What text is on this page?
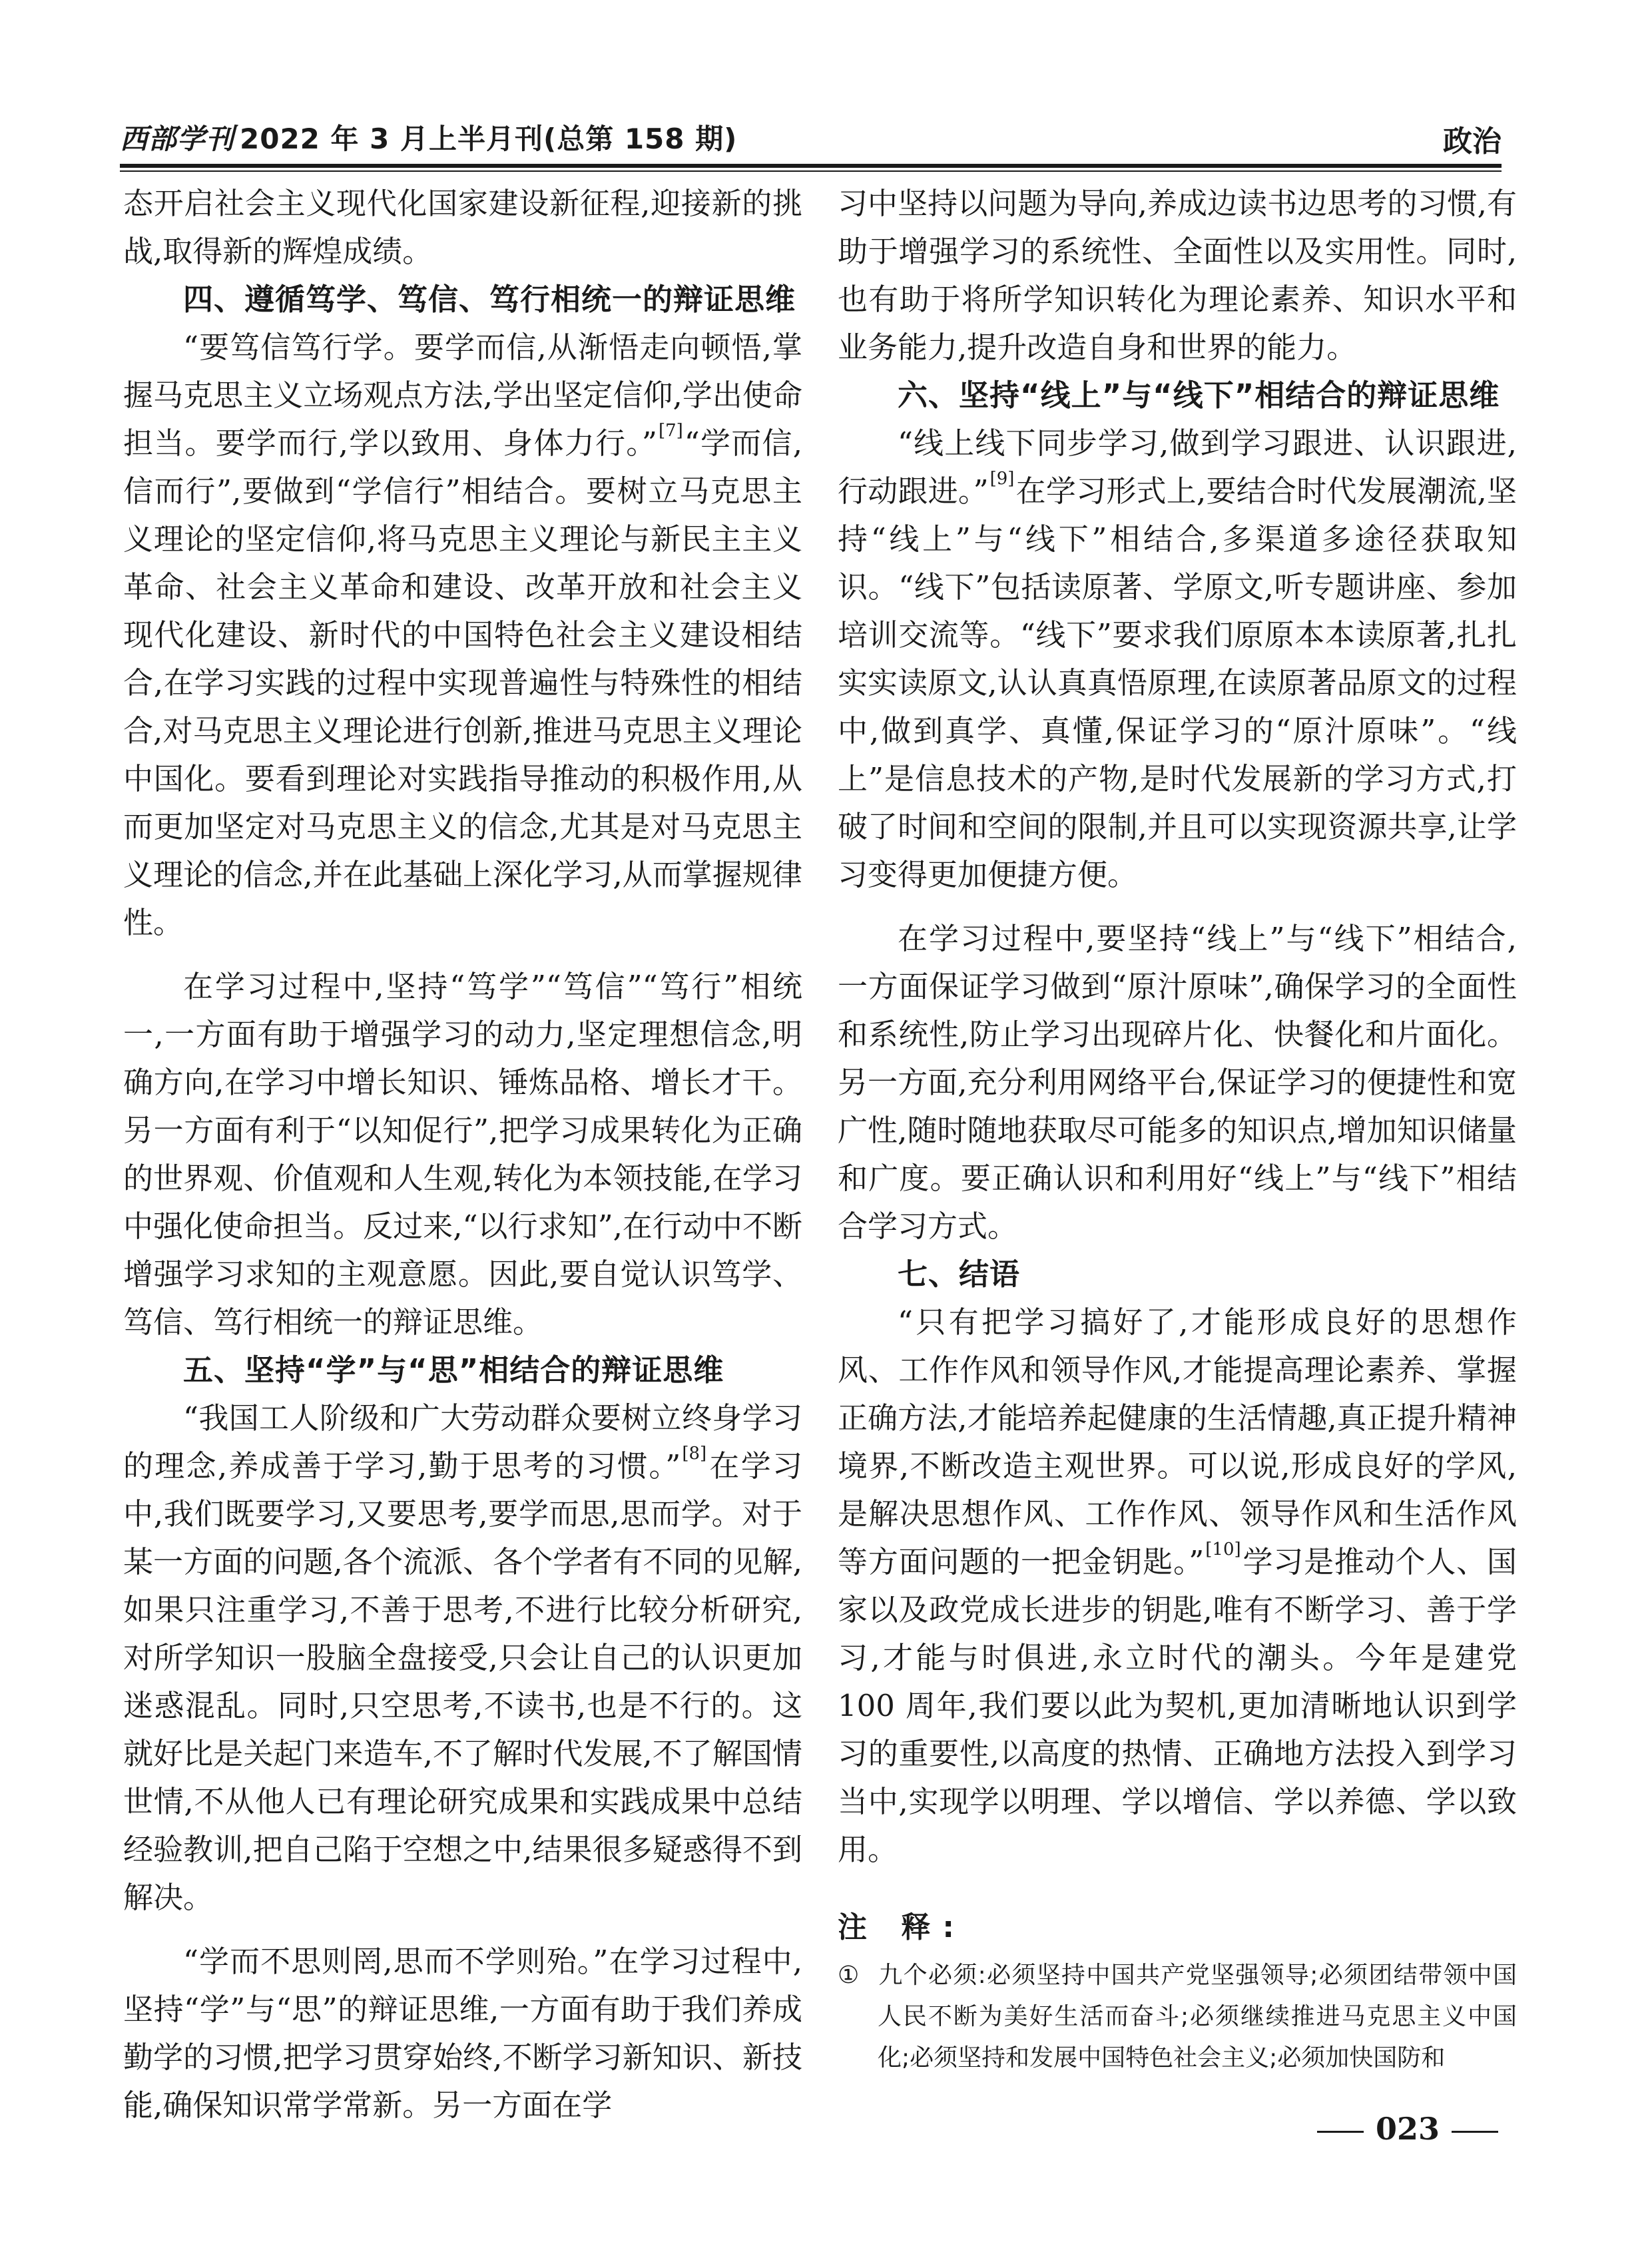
西部学刊 2022 年 3 月上半月刊(总第 158 期)	政治

态开启社会主义现代化国家建设新征程,迎接新的挑战,取得新的辉煌成绩。

四、遵循笃学、笃信、笃行相统一的辩证思维

“要笃信笃行学。要学而信,从渐悟走向顿悟,掌握马克思主义立场观点方法,学出坚定信仰,学出使命担当。要学而行,学以致用、身体力行。”[7]“学而信,信而行”,要做到“学信行”相结合。要树立马克思主义理论的坚定信仰,将马克思主义理论与新民主主义革命、社会主义革命和建设、改革开放和社会主义现代化建设、新时代的中国特色社会主义建设相结合,在学习实践的过程中实现普遍性与特殊性的相结合,对马克思主义理论进行创新,推进马克思主义理论中国化。要看到理论对实践指导推动的积极作用,从而更加坚定对马克思主义的信念,尤其是对马克思主义理论的信念,并在此基础上深化学习,从而掌握规律性。

在学习过程中,坚持“笃学”“笃信”“笃行”相统一,一方面有助于增强学习的动力,坚定理想信念,明确方向,在学习中增长知识、锤炼品格、增长才干。另一方面有利于“以知促行”,把学习成果转化为正确的世界观、价值观和人生观,转化为本领技能,在学习中强化使命担当。反过来,“以行求知”,在行动中不断增强学习求知的主观意愿。因此,要自觉认识笃学、笃信、笃行相统一的辩证思维。

五、坚持“学”与“思”相结合的辩证思维

“我国工人阶级和广大劳动群众要树立终身学习的理念,养成善于学习,勤于思考的习惯。”[8]在学习中,我们既要学习,又要思考,要学而思,思而学。对于某一方面的问题,各个流派、各个学者有不同的见解,如果只注重学习,不善于思考,不进行比较分析研究,对所学知识一股脑全盘接受,只会让自己的认识更加迷惑混乱。同时,只空思考,不读书,也是不行的。这就好比是关起门来造车,不了解时代发展,不了解国情世情,不从他人已有理论研究成果和实践成果中总结经验教训,把自己陷于空想之中,结果很多疑惑得不到解决。

“学而不思则罔,思而不学则殆。”在学习过程中,坚持“学”与“思”的辩证思维,一方面有助于我们养成勤学的习惯,把学习贯穿始终,不断学习新知识、新技能,确保知识常学常新。另一方面在学

习中坚持以问题为导向,养成边读书边思考的习惯,有助于增强学习的系统性、全面性以及实用性。同时,也有助于将所学知识转化为理论素养、知识水平和业务能力,提升改造自身和世界的能力。

六、坚持“线上”与“线下”相结合的辩证思维

“线上线下同步学习,做到学习跟进、认识跟进,行动跟进。”[9]在学习形式上,要结合时代发展潮流,坚持“线上”与“线下”相结合,多渠道多途径获取知识。“线下”包括读原著、学原文,听专题讲座、参加培训交流等。“线下”要求我们原原本本读原著,扎扎实实读原文,认认真真悟原理,在读原著品原文的过程中,做到真学、真懂,保证学习的“原汁原味”。“线上”是信息技术的产物,是时代发展新的学习方式,打破了时间和空间的限制,并且可以实现资源共享,让学习变得更加便捷方便。

在学习过程中,要坚持“线上”与“线下”相结合,一方面保证学习做到“原汁原味”,确保学习的全面性和系统性,防止学习出现碎片化、快餐化和片面化。另一方面,充分利用网络平台,保证学习的便捷性和宽广性,随时随地获取尽可能多的知识点,增加知识储量和广度。要正确认识和利用好“线上”与“线下”相结合学习方式。

七、结语

“只有把学习搞好了,才能形成良好的思想作风、工作作风和领导作风,才能提高理论素养、掌握正确方法,才能培养起健康的生活情趣,真正提升精神境界,不断改造主观世界。可以说,形成良好的学风,是解决思想作风、工作作风、领导作风和生活作风等方面问题的一把金钥匙。”[10]学习是推动个人、国家以及政党成长进步的钥匙,唯有不断学习、善于学习,才能与时俱进,永立时代的潮头。今年是建党 100 周年,我们要以此为契机,更加清晰地认识到学习的重要性,以高度的热情、正确地方法投入到学习当中,实现学以明理、学以增信、学以养德、学以致用。

注 释:
① 九个必须:必须坚持中国共产党坚强领导;必须团结带领中国人民不断为美好生活而奋斗;必须继续推进马克思主义中国化;必须坚持和发展中国特色社会主义;必须加快国防和
023
